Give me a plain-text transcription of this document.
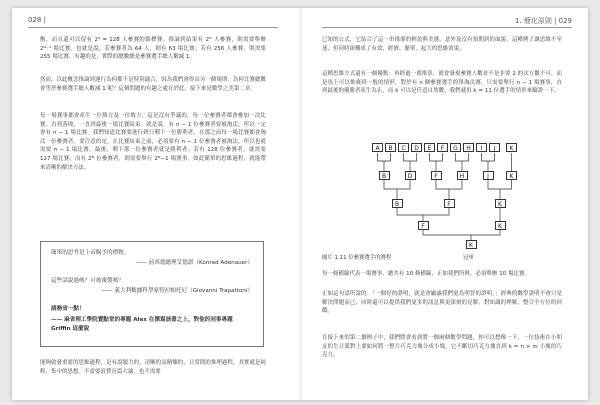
028 |

衡，而且還可以促有 2⁸ = 128 人參賽的錦標賽。推論到結果有 2ᴺ 人參賽，則需要舉辦 2ᴺ⁻¹ 場比賽，也就是說，若參賽者為 64 人，則有 63 場比賽；若有 256 人參賽，則需要 255 場比賽，有趣的是，實際的總數總是參賽選手總人數減 1。

然而，以此概念推論到運行為何都不是特別適合，因為我們會得出另一個規則：為何比賽總數會等於參賽選手總人數減 1 呢？這個問題的有趣之處在於此，接下來是數學之美第二章。

每一場賽事都會產生一位勝方及一位敗方，這是沒有爭議的。每一位參賽者都會參加一次比賽，直到落敗，一直到最後一場比賽結束。就是說，有 n − 1 位參賽者要被淘汰，所以一定會有 n − 1 場比賽。我們知道比賽要進行到只剩下一位勝利者，在那之前每一場比賽都會淘汰一位參賽者。要注意的是，在比賽結束之前，必須要有 n − 1 位參賽者被淘汰，所以也就需要 n − 1 場比賽。最後，剩下那一位參賽者就是勝利者；若有 128 位參賽者，就需要 127 場比賽；而有 2ᴺ 位參賽者，則需要舉行 2ᴺ−1 場賽事。如此簡單的思維過程，就能帶來清晰的解決方法。

簡單的思考是上帝賜予的禮物。

—— 前西德總理艾德諾（Konrad Adenauer）

這些話說過嗎？可被複製嗎？

—— 義大利數據科學家特拉帕托尼（Giovanni Trapattoni）

請務省一點！

—— 麻省理工學院賣點堂的專題 Alex 在撰寫該書之上，對他的同事專題 Griffin 這麼說

能夠啟發重要的思維過程，是有說服力的，清晰的及精煉的，日常間的推理過程，其實就是純粹、集中的思想。不需要浪費長篇大論，也不需要

1. 簡化原則 | 029

已知的公式，它結合了這一串推導的輕盈與美感，意外及沒有預期到的面貌，這種例子讓思維不至迷，但同時卻構成了有效、經濟、簡單，起大的思維效果。

這種思維方式還有一個優點：再經過一番推算，就會發現參賽人數並不是非要 2 的次方數不可，而是馬上可以推廣到一般的情形，對於有 n 個參賽選手的單淘汰賽，只需要舉行 n − 1 場賽事，直到最後的優勝者產生為止，而 k 可以是任意自然數，我們就用 k = 11 位選手的情形來驗證一下。

A	B	C	D	E	F	G	H	I	J	K
B	D	F	H	J	K
B	F	K
F	K
K

冠軍

圖片 1.11 位參賽選手的賽程

每一條横線代表一場賽事，總共有 10 條横線，正如我們所料，必須舉辦 10 場比賽。

正如這句話所說的：「一個好的證明，就是會顯露我們更為明智的證明。」經典的數學證明不會只是解決問題而已，同時還可以提供我們更多的訊息與更深刻的見解，對知識的理解，整合全方位的回饋。

在接下來的第二個例子中，我們將會看到將一個兩個數學問題，你可以想像一下，一位技術在小朋友的生日派對上要如何將一整片巧克力塊分成小塊，它不斷切巧克力塊直到 k = n × m 小塊的巧克力。
